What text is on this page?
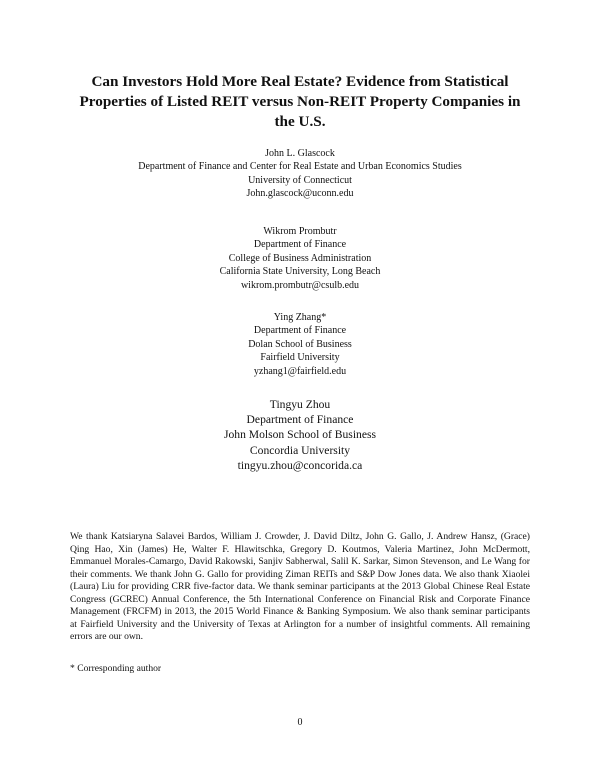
Can Investors Hold More Real Estate? Evidence from Statistical
Properties of Listed REIT versus Non-REIT Property Companies in
the U.S.
John L. Glascock
Department of Finance and Center for Real Estate and Urban Economics Studies
University of Connecticut
John.glascock@uconn.edu
Wikrom Prombutr
Department of Finance
College of Business Administration
California State University, Long Beach
wikrom.prombutr@csulb.edu
Ying Zhang*
Department of Finance
Dolan School of Business
Fairfield University
yzhang1@fairfield.edu
Tingyu Zhou
Department of Finance
John Molson School of Business
Concordia University
tingyu.zhou@concorida.ca

We thank Katsiaryna Salavei Bardos, William J. Crowder, J. David Diltz, John G. Gallo, J. Andrew Hansz, (Grace) Qing Hao, Xin (James) He, Walter F. Hlawitschka, Gregory D. Koutmos, Valeria Martinez, John McDermott, Emmanuel Morales-Camargo, David Rakowski, Sanjiv Sabherwal, Salil K. Sarkar, Simon Stevenson, and Le Wang for their comments. We thank John G. Gallo for providing Ziman REITs and S&P Dow Jones data. We also thank Xiaolei (Laura) Liu for providing CRR five-factor data. We thank seminar participants at the 2013 Global Chinese Real Estate Congress (GCREC) Annual Conference, the 5th International Conference on Financial Risk and Corporate Finance Management (FRCFM) in 2013, the 2015 World Finance & Banking Symposium. We also thank seminar participants at Fairfield University and the University of Texas at Arlington for a number of insightful comments. All remaining errors are our own.

* Corresponding author
0
